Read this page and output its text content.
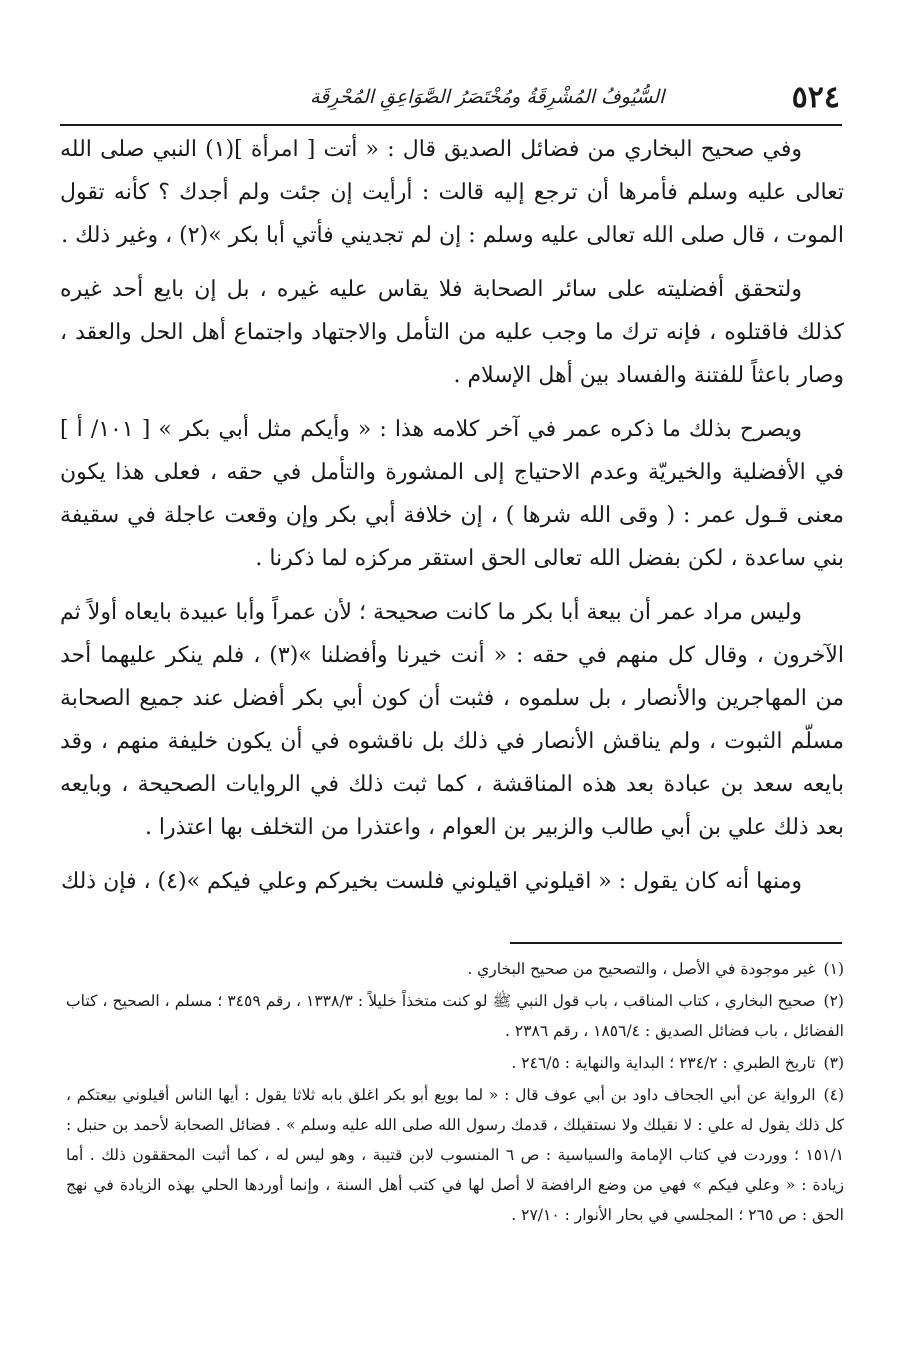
السُّيُوفُ المُشْرِقَةُ ومُخْتَصَرُ الصَّوَاعِقِ المُحْرِقَة	٥٢٤

وفي صحيح البخاري من فضائل الصديق قال : « أتت [ امرأة ](١) النبي صلى الله تعالى عليه وسلم فأمرها أن ترجع إليه قالت : أرأيت إن جئت ولم أجدك ؟ كأنه تقول الموت ، قال صلى الله تعالى عليه وسلم : إن لم تجديني فأتي أبا بكر »(٢) ، وغير ذلك .

ولتحقق أفضليته على سائر الصحابة فلا يقاس عليه غيره ، بل إن بايع أحد غيره كذلك فاقتلوه ، فإنه ترك ما وجب عليه من التأمل والاجتهاد واجتماع أهل الحل والعقد ، وصار باعثاً للفتنة والفساد بين أهل الإسلام .

ويصرح بذلك ما ذكره عمر في آخر كلامه هذا : « وأيكم مثل أبي بكر » [ ١٠١/ أ ] في الأفضلية والخيريّة وعدم الاحتياج إلى المشورة والتأمل في حقه ، فعلى هذا يكون معنى قـول عمر : ( وقى الله شرها ) ، إن خلافة أبي بكر وإن وقعت عاجلة في سقيفة بني ساعدة ، لكن بفضل الله تعالى الحق استقر مركزه لما ذكرنا .

وليس مراد عمر أن بيعة أبا بكر ما كانت صحيحة ؛ لأن عمراً وأبا عبيدة بايعاه أولاً ثم الآخرون ، وقال كل منهم في حقه : « أنت خيرنا وأفضلنا »(٣) ، فلم ينكر عليهما أحد من المهاجرين والأنصار ، بل سلموه ، فثبت أن كون أبي بكر أفضل عند جميع الصحابة مسلّم الثبوت ، ولم يناقش الأنصار في ذلك بل ناقشوه في أن يكون خليفة منهم ، وقد بايعه سعد بن عبادة بعد هذه المناقشة ، كما ثبت ذلك في الروايات الصحيحة ، وبايعه بعد ذلك علي بن أبي طالب والزبير بن العوام ، واعتذرا من التخلف بها اعتذرا .

ومنها أنه كان يقول : « اقيلوني اقيلوني فلست بخيركم وعلي فيكم »(٤) ، فإن ذلك

(١)غير موجودة في الأصل ، والتصحيح من صحيح البخاري .
(٢)صحيح البخاري ، كتاب المناقب ، باب قول النبي ﷺ لو كنت متخذاً خليلاً : ١٣٣٨/٣ ، رقم ٣٤٥٩ ؛ مسلم ، الصحيح ، كتاب الفضائل ، باب فضائل الصديق : ١٨٥٦/٤ ، رقم ٢٣٨٦ .
(٣)تاريخ الطبري : ٢٣٤/٢ ؛ البداية والنهاية : ٢٤٦/٥ .
(٤)الرواية عن أبي الجحاف داود بن أبي عوف قال : « لما بويع أبو بكر اغلق بابه ثلاثا يقول : أيها الناس أقيلوني بيعتكم ، كل ذلك يقول له علي : لا نقيلك ولا نستقيلك ، قدمك رسول الله صلى الله عليه وسلم » . فضائل الصحابة لأحمد بن حنبل : ١٥١/١ ؛ ووردت في كتاب الإمامة والسياسية : ص ٦ المنسوب لابن قتيبة ، وهو ليس له ، كما أثبت المحققون ذلك . أما زيادة : « وعلي فيكم » فهي من وضع الرافضة لا أصل لها في كتب أهل السنة ، وإنما أوردها الحلي بهذه الزيادة في نهج الحق : ص ٢٦٥ ؛ المجلسي في بحار الأنوار : ٢٧/١٠ .
